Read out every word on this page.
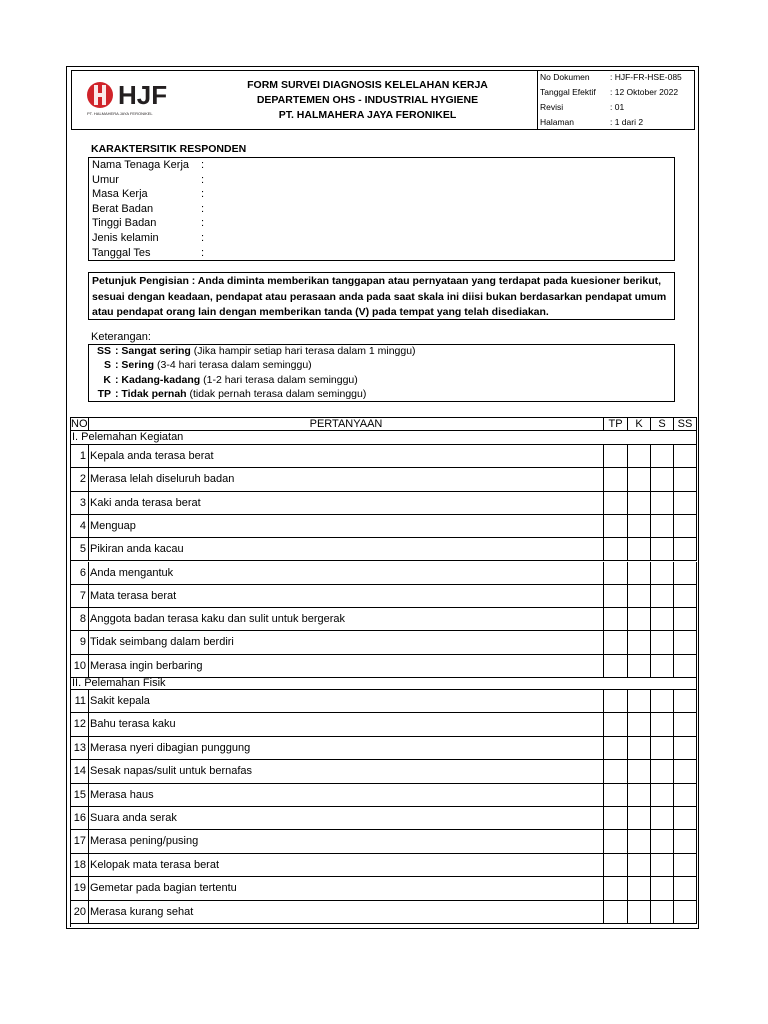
HJF
PT. HALMAHERA JAYA FERONIKEL
FORM SURVEI DIAGNOSIS KELELAHAN KERJA
DEPARTEMEN OHS - INDUSTRIAL HYGIENE
PT. HALMAHERA JAYA FERONIKEL
No Dokumen : HJF-FR-HSE-085
Tanggal Efektif : 12 Oktober 2022
Revisi	: 01
Halaman	: 1 dari 2
KARAKTERSITIK RESPONDEN
Nama Tenaga Kerja :
Umur	:
Masa Kerja	:
Berat Badan	:
Tinggi Badan	:
Jenis kelamin	:
Tanggal Tes	:
Petunjuk Pengisian : Anda diminta memberikan tanggapan atau pernyataan yang terdapat pada kuesioner berikut,
sesuai dengan keadaan, pendapat atau perasaan anda pada saat skala ini diisi bukan berdasarkan pendapat umum
atau pendapat orang lain dengan memberikan tanda (V) pada tempat yang telah disediakan.
Keterangan:
SS : Sangat sering (Jika hampir setiap hari terasa dalam 1 minggu)
S : Sering (3-4 hari terasa dalam seminggu)
K : Kadang-kadang (1-2 hari terasa dalam seminggu)
TP : Tidak pernah (tidak pernah terasa dalam seminggu)
NO	PERTANYAAN	TP	K	S	SS
I. Pelemahan Kegiatan
1 Kepala anda terasa berat
2 Merasa lelah diseluruh badan
3 Kaki anda terasa berat
4 Menguap
5 Pikiran anda kacau
6 Anda mengantuk
7 Mata terasa berat
8 Anggota badan terasa kaku dan sulit untuk bergerak
9 Tidak seimbang dalam berdiri
10 Merasa ingin berbaring
II. Pelemahan Fisik
11 Sakit kepala
12 Bahu terasa kaku
13 Merasa nyeri dibagian punggung
14 Sesak napas/sulit untuk bernafas
15 Merasa haus
16 Suara anda serak
17 Merasa pening/pusing
18 Kelopak mata terasa berat
19 Gemetar pada bagian tertentu
20 Merasa kurang sehat
